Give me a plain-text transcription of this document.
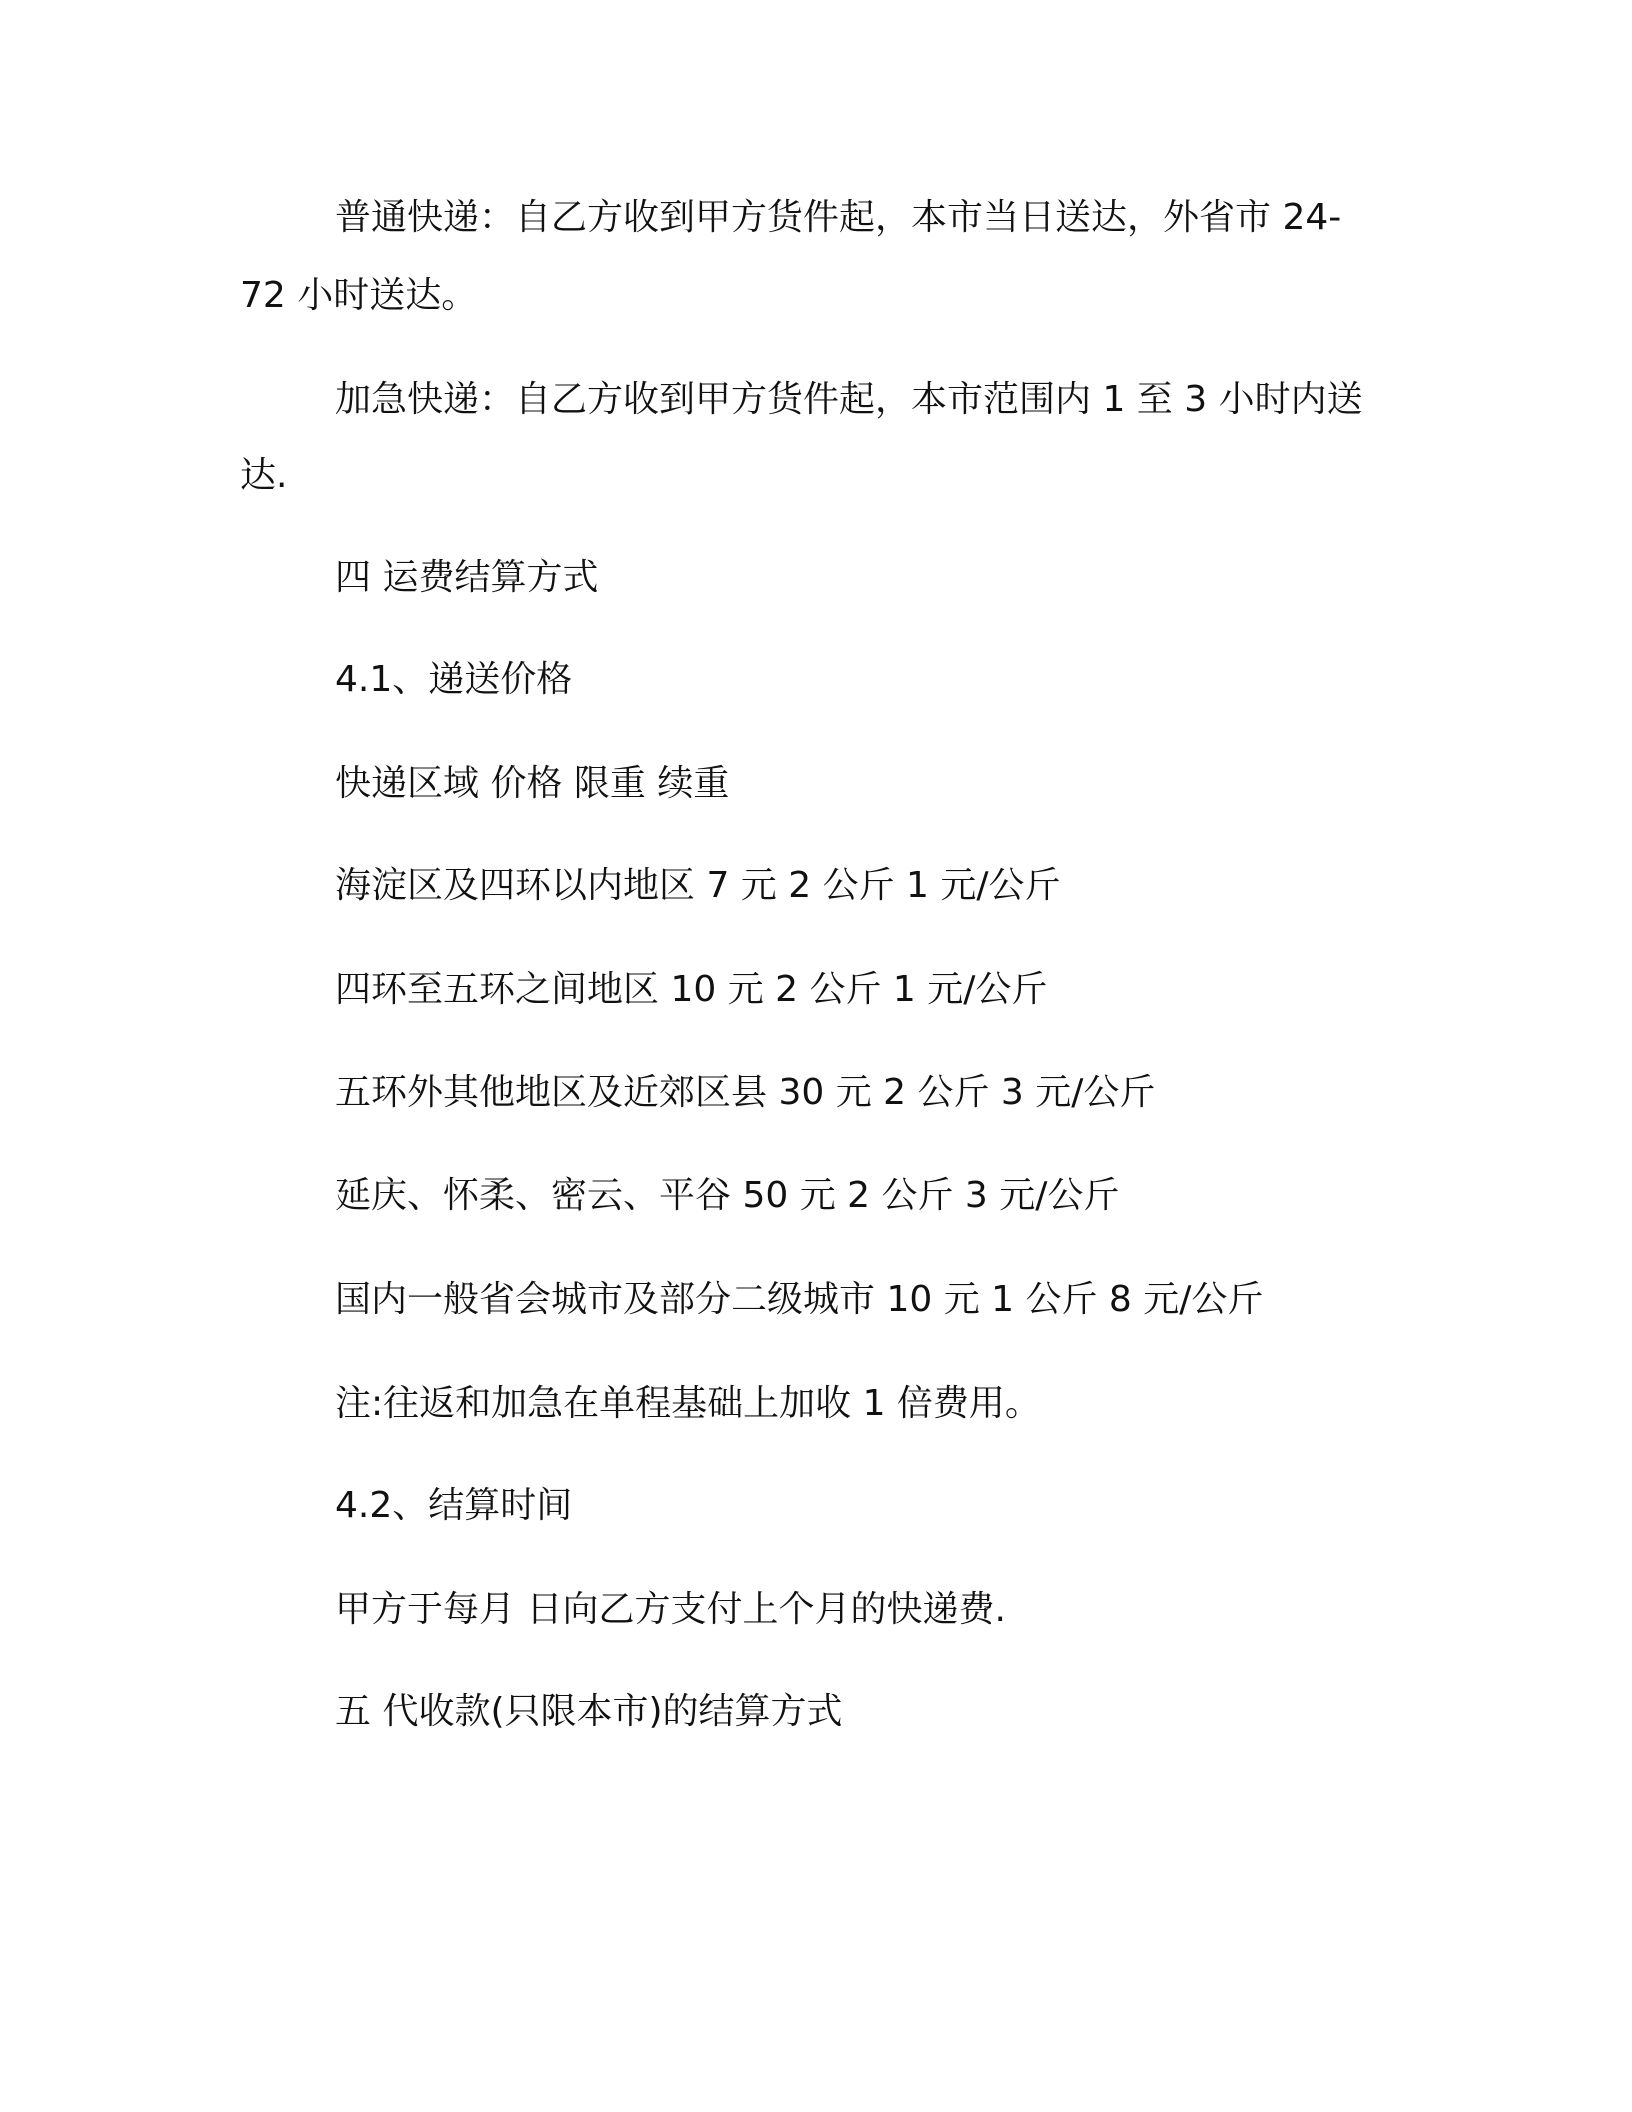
普通快递：自乙方收到甲方货件起，本市当日送达，外省市 24-
72 小时送达。
加急快递：自乙方收到甲方货件起，本市范围内 1 至 3 小时内送
达.
四 运费结算方式
4.1、递送价格
快递区域 价格 限重 续重
海淀区及四环以内地区 7 元 2 公斤 1 元/公斤
四环至五环之间地区 10 元 2 公斤 1 元/公斤
五环外其他地区及近郊区县 30 元 2 公斤 3 元/公斤
延庆、怀柔、密云、平谷 50 元 2 公斤 3 元/公斤
国内一般省会城市及部分二级城市 10 元 1 公斤 8 元/公斤
注:往返和加急在单程基础上加收 1 倍费用。
4.2、结算时间
甲方于每月 日向乙方支付上个月的快递费.
五 代收款(只限本市)的结算方式
